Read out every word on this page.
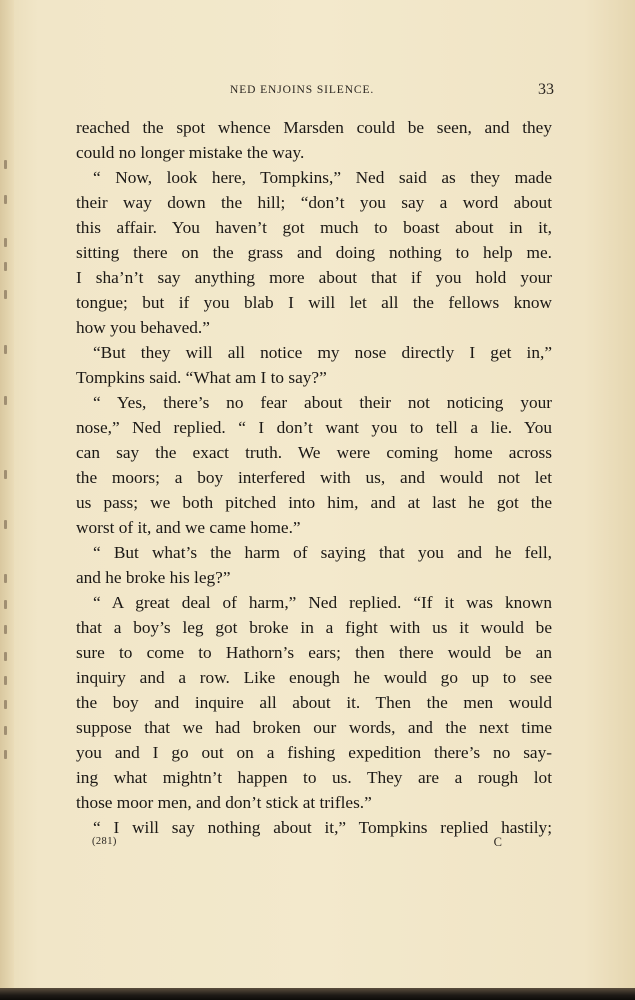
NED ENJOINS SILENCE.	33
reached the spot whence Marsden could be seen, and they
could no longer mistake the way.
“ Now, look here, Tompkins,” Ned said as they made
their way down the hill; “don’t you say a word about
this affair. You haven’t got much to boast about in it,
sitting there on the grass and doing nothing to help me.
I sha’n’t say anything more about that if you hold your
tongue; but if you blab I will let all the fellows know
how you behaved.”
“But they will all notice my nose directly I get in,”
Tompkins said. “What am I to say?”
“ Yes, there’s no fear about their not noticing your
nose,” Ned replied. “ I don’t want you to tell a lie. You
can say the exact truth. We were coming home across
the moors; a boy interfered with us, and would not let
us pass; we both pitched into him, and at last he got the
worst of it, and we came home.”
“ But what’s the harm of saying that you and he fell,
and he broke his leg?”
“ A great deal of harm,” Ned replied. “If it was known
that a boy’s leg got broke in a fight with us it would be
sure to come to Hathorn’s ears; then there would be an
inquiry and a row. Like enough he would go up to see
the boy and inquire all about it. Then the men would
suppose that we had broken our words, and the next time
you and I go out on a fishing expedition there’s no say-
ing what mightn’t happen to us. They are a rough lot
those moor men, and don’t stick at trifles.”
“ I will say nothing about it,” Tompkins replied hastily;
(281)	C
